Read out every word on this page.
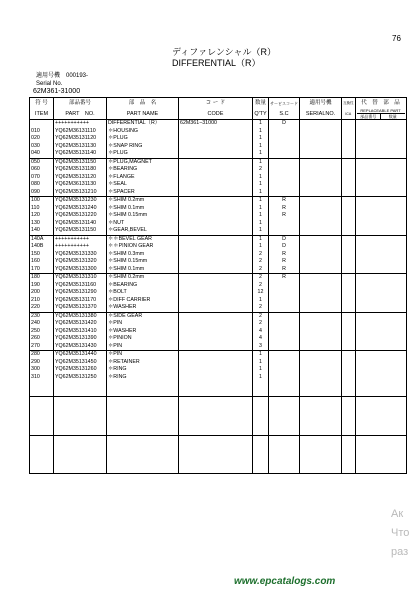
76
ディファレンシャル（R）
DIFFERENTIAL（R）
適用号機　000193-
Serial No.
62M361-31000
符 号	部品番号	部　品　名	コ ー ド	数量	サービスコード	適用号機	互換性	代　替　部　品
ITEM	PART　NO.	PART NAME	CODE	Q'TY	S.C	SERIALNO.	ICA	REPLACEABLE PART
部品番号 数量

	+++++++++++	DIFFERENTIAL（R）	62M361−31000	1	D			
010	YQ62M36131110	＊HOUSING		1				
020	YQ62M35131120	＊PLUG		1				
030	YQ62M35131130	＊SNAP RING		1				
040	YQ62M35131140	＊PLUG		1				
050	YQ62M35131150	＊PLUG,MAGNET		1				
060	YQ62M35131180	＊BEARING		2				
070	YQ62M35131120	＊FLANGE		1				
080	YQ62M36131130	＊SEAL		1				
090	YQ62M35131210	＊SPACER		1				
100	YQ62M35131230	＊SHIM 0.2mm		1	R			
110	YQ62M35131240	＊SHIM 0.1mm		1	R			
120	YQ62M35131220	＊SHIM 0.15mm		1	R			
130	YQ62M35131140	＊NUT		1				
140	YQ62M35131150	＊GEAR,BEVEL		1				
140A	+++++++++++	＊＊BEVEL GEAR		1	D			
140B	+++++++++++	＊＊PINION GEAR		1	D			
150	YQ62M35131330	＊SHIM 0.3mm		2	R			
160	YQ62M35131320	＊SHIM 0.15mm		2	R			
170	YQ62M35131300	＊SHIM 0.1mm		2	R			
180	YQ62M35131310	＊SHIM 0.2mm		2	R			
190	YQ62M35131160	＊BEARING		2				
200	YQ62M35131290	＊BOLT		12				
210	YQ62M35131170	＊DIFF CARRIER		1				
220	YQ62M35131370	＊WASHER		2				
230	YQ62M35131380	＊SIDE GEAR		2				
240	YQ62M35131420	＊PIN		2				
250	YQ62M35131410	＊WASHER		4				
260	YQ62M35131390	＊PINION		4				
270	YQ62M35131430	＊PIN		3				
280	YQ62M35131440	＊PIN		1				
290	YQ62M35131450	＊RETAINER		1				
300	YQ62M35131260	＊RING		1				
310	YQ62M35131250	＊RING		1				

www.epcatalogs.com
Ак
Что
раз
